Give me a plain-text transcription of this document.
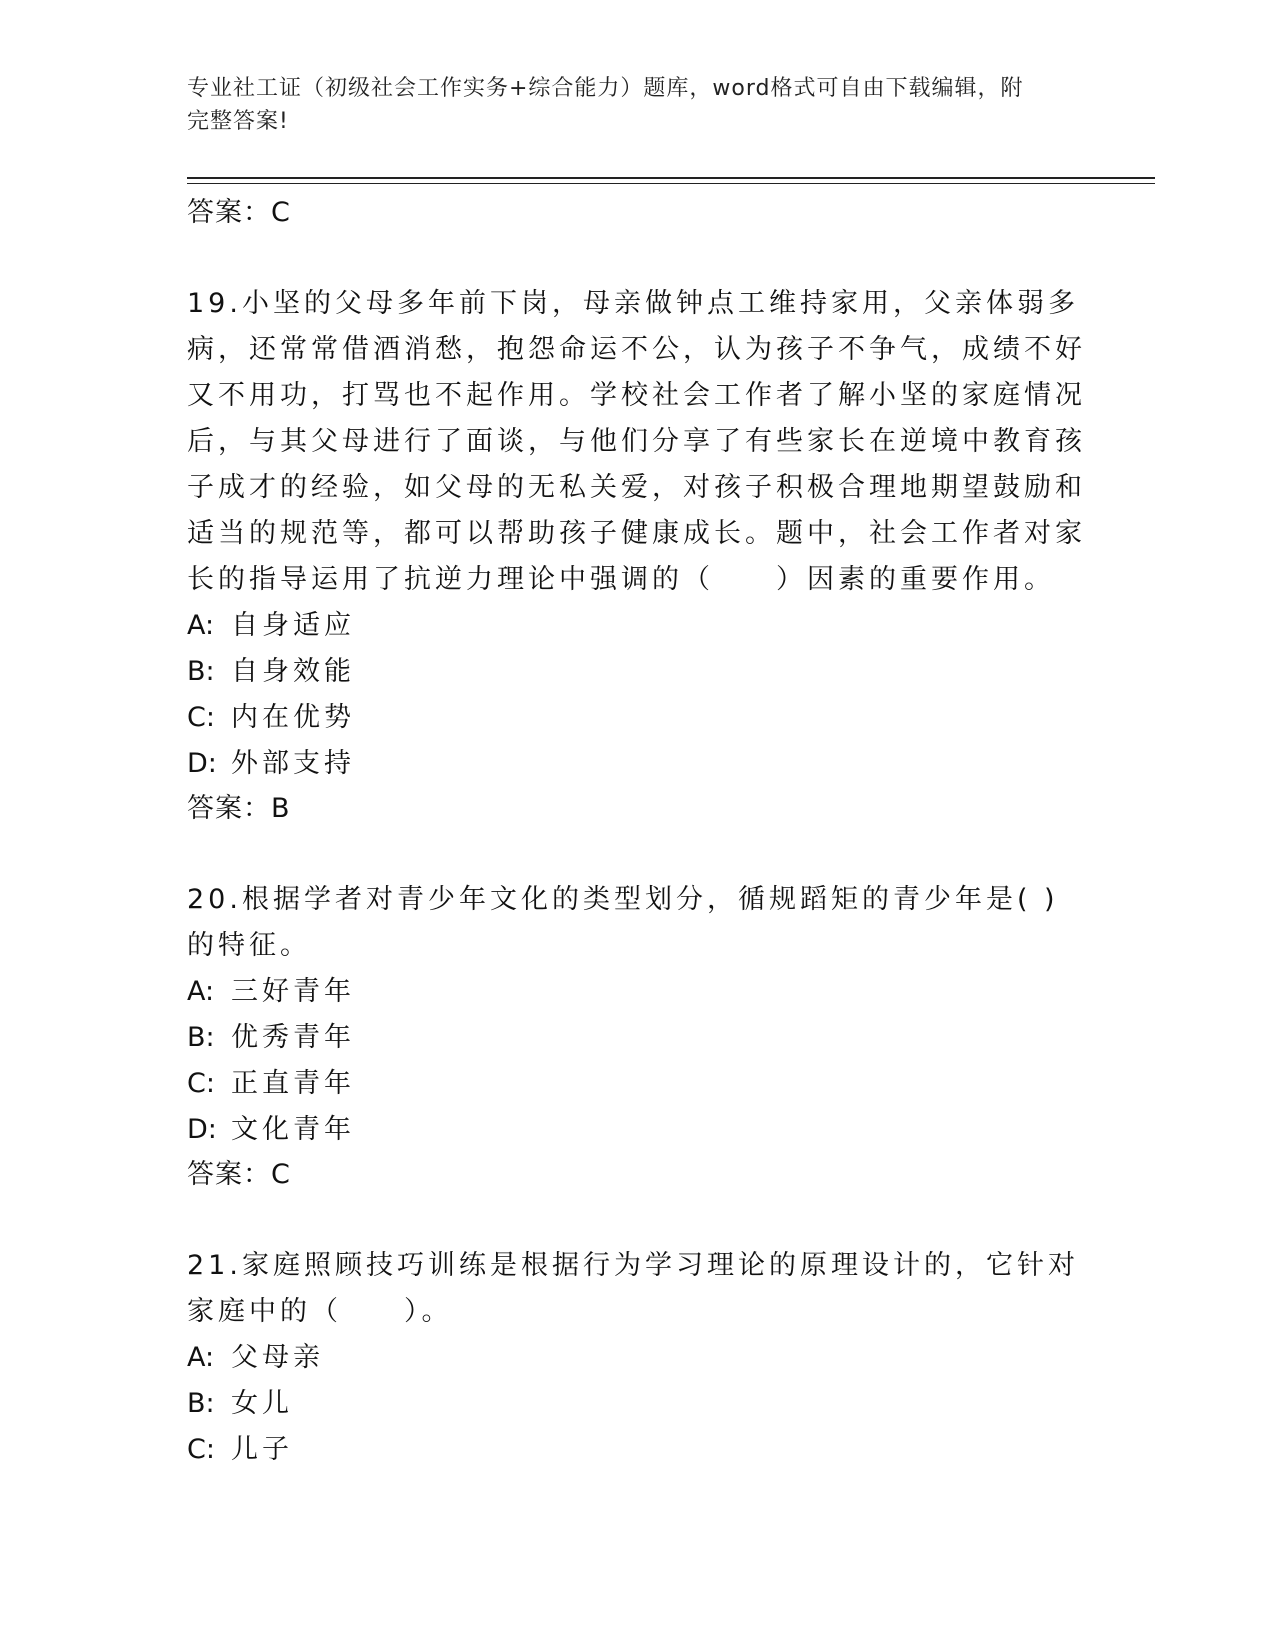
专业社工证（初级社会工作实务+综合能力）题库，word格式可自由下载编辑，附
完整答案!

答案：C

19.小坚的父母多年前下岗，母亲做钟点工维持家用，父亲体弱多病，还常常借酒消愁，抱怨命运不公，认为孩子不争气，成绩不好又不用功，打骂也不起作用。学校社会工作者了解小坚的家庭情况后，与其父母进行了面谈，与他们分享了有些家长在逆境中教育孩子成才的经验，如父母的无私关爱，对孩子积极合理地期望鼓励和适当的规范等，都可以帮助孩子健康成长。题中，社会工作者对家长的指导运用了抗逆力理论中强调的（　　）因素的重要作用。

A: 自身适应

B: 自身效能

C: 内在优势

D: 外部支持

答案：B

20.根据学者对青少年文化的类型划分，循规蹈矩的青少年是( )的特征。

A: 三好青年

B: 优秀青年

C: 正直青年

D: 文化青年

答案：C

21.家庭照顾技巧训练是根据行为学习理论的原理设计的，它针对家庭中的（　　）。

A: 父母亲

B: 女儿

C: 儿子
